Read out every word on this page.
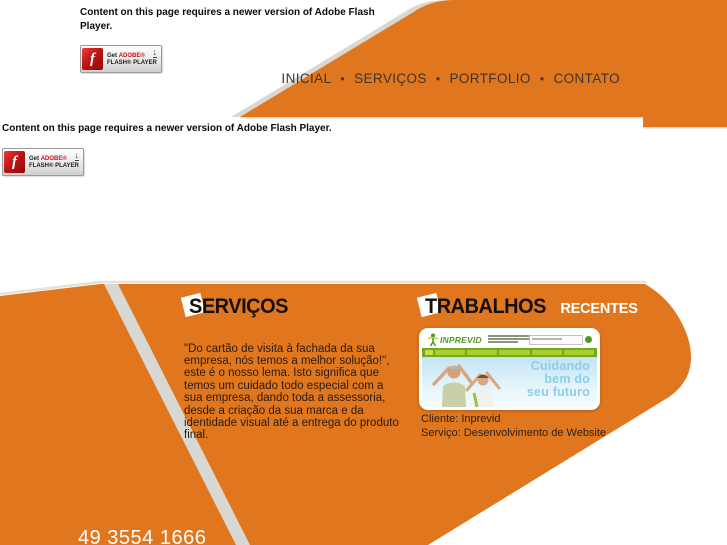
Content on this page requires a newer version of Adobe Flash Player.

f	Get ADOBE®
FLASH® PLAYER
↓
INICIAL • SERVIÇOS • PORTFOLIO • CONTATO

Content on this page requires a newer version of Adobe Flash Player.

f	Get ADOBE®
FLASH® PLAYER
↓
SERVIÇOS

"Do cartão de visita à fachada da sua empresa, nós temos a melhor solução!", este é o nosso lema. Isto significa que temos um cuidado todo especial com a sua empresa, dando toda a assessoria, desde a criação da sua marca e da identidade visual até a entrega do produto final.

TRABALHOS RECENTES
INPREVID
Cuidando
bem do
seu futuro
Cliente: Inprevid
Serviço: Desenvolvimento de Website
49 3554 1666
